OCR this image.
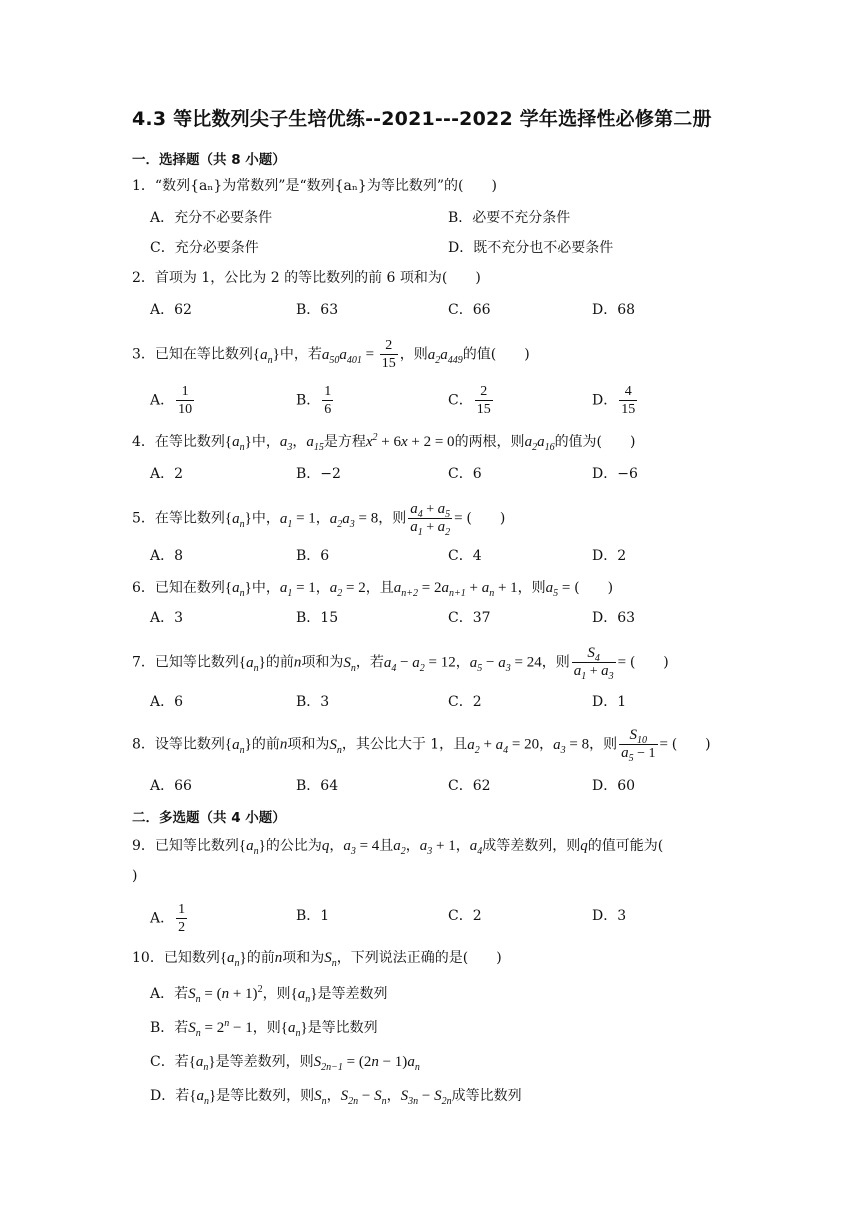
4.3 等比数列尖子生培优练--2021---2022 学年选择性必修第二册
一．选择题（共 8 小题）
1．“数列{aₙ}为常数列”是“数列{aₙ}为等比数列”的(　　)
A．充分不必要条件	B．必要不充分条件
C．充分必要条件	D．既不充分也不必要条件
2．首项为 1，公比为 2 的等比数列的前 6 项和为(　　)
A．62	B．63	C．66	D．68
3．已知在等比数列$\{a_n\}$中，若$a_{50}a_{401} = \frac{2}{15}$ ，则$a_2a_{449}$的值(　　)
A． $\frac{1}{10}$	B． $\frac{1}{6}$	C． $\frac{2}{15}$	D． $\frac{4}{15}$
4．在等比数列$\{a_n\}$中，$a_3$，$a_{15}$是方程$x^2 + 6x + 2 = 0$的两根，则$a_2a_{16}$的值为(　　)
A．2	B．−2	C．6	D．−6
5．在等比数列$\{a_n\}$中，$a_1 = 1$，$a_2a_3 = 8$，则 $\frac{a_4 + a_5}{a_1 + a_2}$ = (　　)
A．8	B．6	C．4	D．2
6．已知在数列$\{a_n\}$中，$a_1 = 1$，$a_2 = 2$，且$a_{n+2} = 2a_{n+1} + a_n + 1$，则$a_5$ = (　　)
A．3	B．15	C．37	D．63
7．已知等比数列$\{a_n\}$的前n项和为$S_n$，若$a_4 - a_2 = 12$，$a_5 - a_3 = 24$，则 $\frac{S_4}{a_1 + a_3}$ = (　　)
A．6	B．3	C．2	D．1
8．设等比数列$\{a_n\}$的前n项和为$S_n$，其公比大于 1，且$a_2 + a_4 = 20$，$a_3 = 8$，则 $\frac{S_{10}}{a_5 - 1}$ = (　　)
A．66	B．64	C．62	D．60
二．多选题（共 4 小题）
9．已知等比数列$\{a_n\}$的公比为q，$a_3 = 4$且$a_2$，$a_3 + 1$，$a_4$成等差数列，则q的值可能为(
)
A． $\frac{1}{2}$	B．1	C．2	D．3
10．已知数列$\{a_n\}$的前n项和为$S_n$，下列说法正确的是(　　)
A．若$S_n = (n + 1)^2$，则$\{a_n\}$是等差数列
B．若$S_n = 2^n - 1$，则$\{a_n\}$是等比数列
C．若$\{a_n\}$是等差数列，则$S_{2n-1} = (2n - 1)a_n$
D．若$\{a_n\}$是等比数列，则$S_n$，$S_{2n} - S_n$，$S_{3n} - S_{2n}$成等比数列
